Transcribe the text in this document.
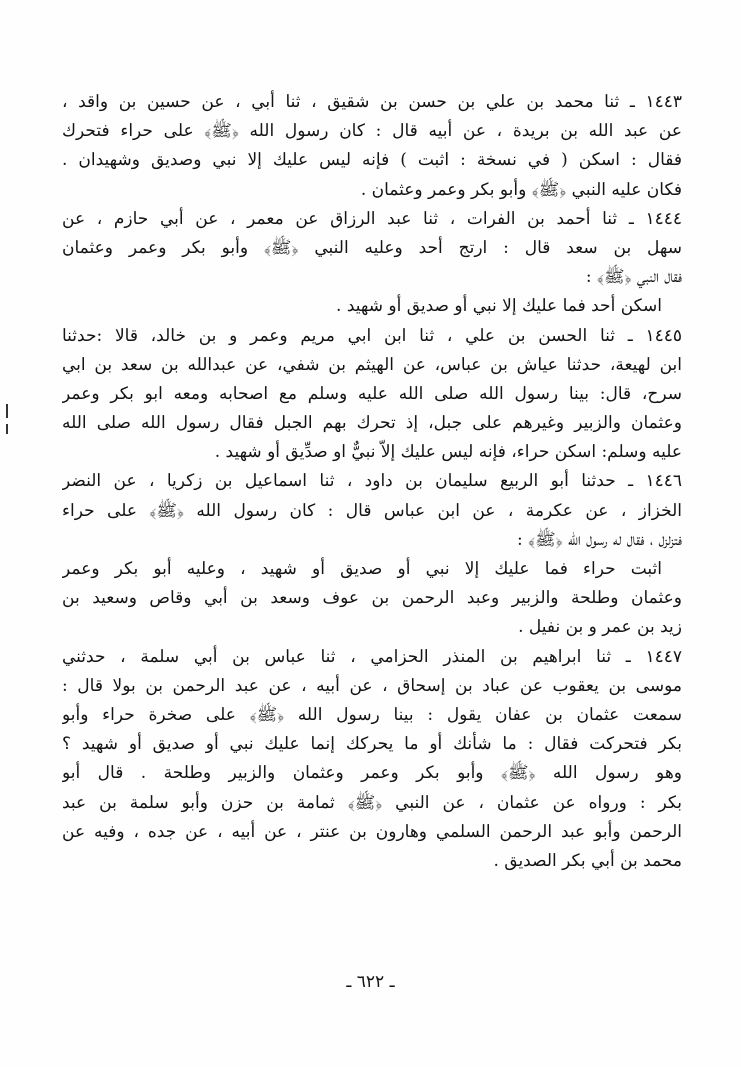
١٤٤٣ ـ ثنا محمد بن علي بن حسن بن شقيق ، ثنا أبي ، عن حسين بن واقد ،
عن عبد الله بن بريدة ، عن أبيه قال : كان رسول الله ﴿ﷺ﴾ على حراء فتحرك
فقال : اسكن ( في نسخة : اثبت ) فإنه ليس عليك إلا نبي وصديق وشهيدان .
فكان عليه النبي ﴿ﷺ﴾ وأبو بكر وعمر وعثمان .
١٤٤٤ ـ ثنا أحمد بن الفرات ، ثنا عبد الرزاق عن معمر ، عن أبي حازم ، عن
سهل بن سعد قال : ارتج أحد وعليه النبي ﴿ﷺ﴾ وأبو بكر وعمر وعثمان
فقال النبي ﴿ﷺ﴾ :
اسكن أحد فما عليك إلا نبي أو صديق أو شهيد .
١٤٤٥ ـ ثنا الحسن بن علي ، ثنا ابن ابي مريم وعمر و بن خالد، قالا :حدثنا
ابن لهيعة، حدثنا عياش بن عباس، عن الهيثم بن شفي، عن عبدالله بن سعد بن ابي
سرح، قال: بينا رسول الله صلى الله عليه وسلم مع اصحابه ومعه ابو بكر وعمر
وعثمان والزبير وغيرهم على جبل، إذ تحرك بهم الجبل فقال رسول الله صلى الله
عليه وسلم: اسكن حراء، فإنه ليس عليك إلاّ نبيٌّ او صدِّيق أو شهيد .
١٤٤٦ ـ حدثنا أبو الربيع سليمان بن داود ، ثنا اسماعيل بن زكريا ، عن النضر
الخزاز ، عن عكرمة ، عن ابن عباس قال : كان رسول الله ﴿ﷺ﴾ على حراء
فتزلزل ، فقال له رسول الله ﴿ﷺ﴾ :
اثبت حراء فما عليك إلا نبي أو صديق أو شهيد ، وعليه أبو بكر وعمر
وعثمان وطلحة والزبير وعبد الرحمن بن عوف وسعد بن أبي وقاص وسعيد بن
زيد بن عمر و بن نفيل .
١٤٤٧ ـ ثنا ابراهيم بن المنذر الحزامي ، ثنا عباس بن أبي سلمة ، حدثني
موسى بن يعقوب عن عباد بن إسحاق ، عن أبيه ، عن عبد الرحمن بن بولا قال :
سمعت عثمان بن عفان يقول : بينا رسول الله ﴿ﷺ﴾ على صخرة حراء وأبو
بكر فتحركت فقال : ما شأنك أو ما يحركك إنما عليك نبي أو صديق أو شهيد ؟
وهو رسول الله ﴿ﷺ﴾ وأبو بكر وعمر وعثمان والزبير وطلحة . قال أبو
بكر : ورواه عن عثمان ، عن النبي ﴿ﷺ﴾ ثمامة بن حزن وأبو سلمة بن عبد
الرحمن وأبو عبد الرحمن السلمي وهارون بن عنتر ، عن أبيه ، عن جده ، وفيه عن
محمد بن أبي بكر الصديق .
ـ ٦٢٢ ـ
